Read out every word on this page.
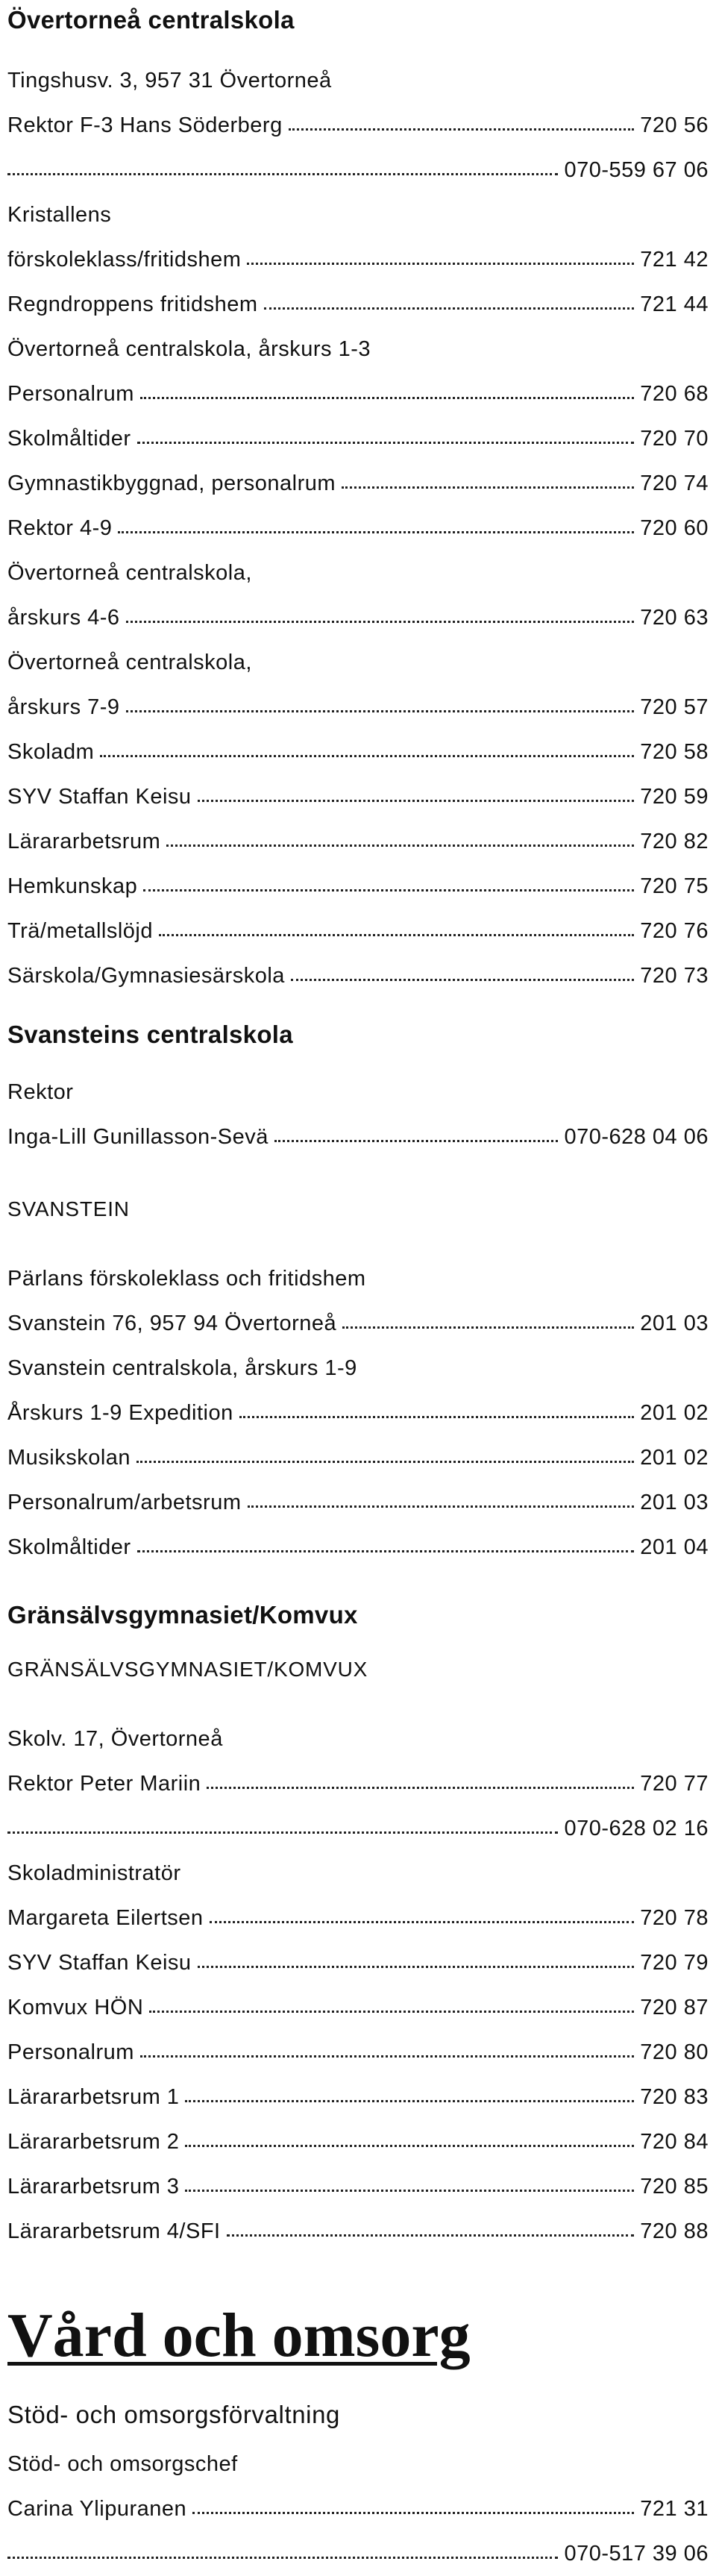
Övertorneå centralskola
Tingshusv. 3, 957 31 Övertorneå
Rektor F-3 Hans Söderberg	720 56
070-559 67 06
Kristallens
förskoleklass/fritidshem	721 42
Regndroppens fritidshem	721 44
Övertorneå centralskola, årskurs 1-3
Personalrum	720 68
Skolmåltider	720 70
Gymnastikbyggnad, personalrum	720 74
Rektor 4-9	720 60
Övertorneå centralskola,
årskurs 4-6	720 63
Övertorneå centralskola,
årskurs 7-9	720 57
Skoladm	720 58
SYV Staffan Keisu	720 59
Lärararbetsrum	720 82
Hemkunskap	720 75
Trä/metallslöjd	720 76
Särskola/Gymnasiesärskola	720 73
Svansteins centralskola
Rektor
Inga-Lill Gunillasson-Sevä	070-628 04 06
SVANSTEIN
Pärlans förskoleklass och fritidshem
Svanstein 76, 957 94 Övertorneå	201 03
Svanstein centralskola, årskurs 1-9
Årskurs 1-9 Expedition	201 02
Musikskolan	201 02
Personalrum/arbetsrum	201 03
Skolmåltider	201 04
Gränsälvsgymnasiet/Komvux
GRÄNSÄLVSGYMNASIET/KOMVUX
Skolv. 17, Övertorneå
Rektor Peter Mariin	720 77
070-628 02 16
Skoladministratör
Margareta Eilertsen	720 78
SYV Staffan Keisu	720 79
Komvux HÖN	720 87
Personalrum	720 80
Lärararbetsrum 1	720 83
Lärararbetsrum 2	720 84
Lärararbetsrum 3	720 85
Lärararbetsrum 4/SFI	720 88
Vård och omsorg
Stöd- och omsorgsförvaltning
Stöd- och omsorgschef
Carina Ylipuranen	721 31
070-517 39 06
